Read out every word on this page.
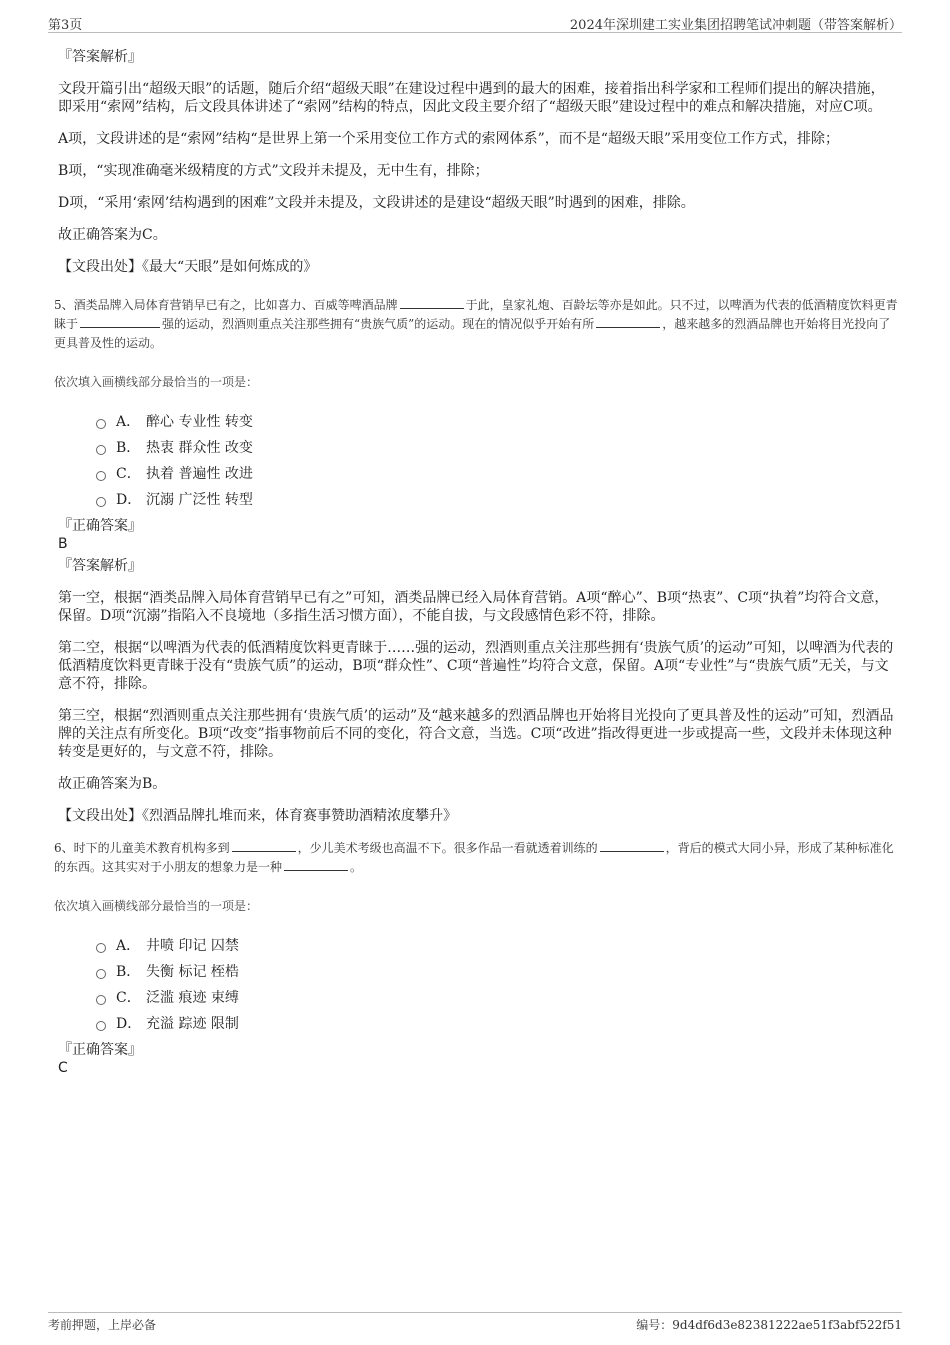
第3页	2024年深圳建工实业集团招聘笔试冲刺题（带答案解析）
『答案解析』

文段开篇引出“超级天眼”的话题，随后介绍“超级天眼”在建设过程中遇到的最大的困难，接着指出科学家和工程师们提出的解决措施，即采用“索网”结构，后文段具体讲述了“索网”结构的特点，因此文段主要介绍了“超级天眼”建设过程中的难点和解决措施，对应C项。

A项，文段讲述的是“索网”结构“是世界上第一个采用变位工作方式的索网体系”，而不是“超级天眼”采用变位工作方式，排除；

B项，“实现准确毫米级精度的方式”文段并未提及，无中生有，排除；

D项，“采用‘索网’结构遇到的困难”文段并未提及，文段讲述的是建设“超级天眼”时遇到的困难，排除。

故正确答案为C。

【文段出处】《最大“天眼”是如何炼成的》

5、酒类品牌入局体育营销早已有之，比如喜力、百威等啤酒品牌	于此，皇家礼炮、百龄坛等亦是如此。只不过，以啤酒为代表的低酒精度饮料更青睐于	强的运动，烈酒则重点关注那些拥有“贵族气质”的运动。现在的情况似乎开始有所	，越来越多的烈酒品牌也开始将目光投向了更具普及性的运动。

依次填入画横线部分最恰当的一项是：

A． 醉心 专业性 转变
B． 热衷 群众性 改变
C． 执着 普遍性 改进
D． 沉溺 广泛性 转型
『正确答案』
B
『答案解析』

第一空，根据“酒类品牌入局体育营销早已有之”可知，酒类品牌已经入局体育营销。A项“醉心”、B项“热衷”、C项“执着”均符合文意，保留。D项“沉溺”指陷入不良境地（多指生活习惯方面），不能自拔，与文段感情色彩不符，排除。

第二空，根据“以啤酒为代表的低酒精度饮料更青睐于……强的运动，烈酒则重点关注那些拥有‘贵族气质’的运动”可知，以啤酒为代表的低酒精度饮料更青睐于没有“贵族气质”的运动，B项“群众性”、C项“普遍性”均符合文意，保留。A项“专业性”与“贵族气质”无关，与文意不符，排除。

第三空，根据“烈酒则重点关注那些拥有‘贵族气质’的运动”及“越来越多的烈酒品牌也开始将目光投向了更具普及性的运动”可知，烈酒品牌的关注点有所变化。B项“改变”指事物前后不同的变化，符合文意，当选。C项“改进”指改得更进一步或提高一些，文段并未体现这种转变是更好的，与文意不符，排除。

故正确答案为B。

【文段出处】《烈酒品牌扎堆而来，体育赛事赞助酒精浓度攀升》

6、时下的儿童美术教育机构多到	，少儿美术考级也高温不下。很多作品一看就透着训练的	，背后的模式大同小异，形成了某种标准化的东西。这其实对于小朋友的想象力是一种	。

依次填入画横线部分最恰当的一项是：

A． 井喷 印记 囚禁
B． 失衡 标记 桎梏
C． 泛滥 痕迹 束缚
D． 充溢 踪迹 限制
『正确答案』
C
考前押题，上岸必备	编号：9d4df6d3e82381222ae51f3abf522f51
